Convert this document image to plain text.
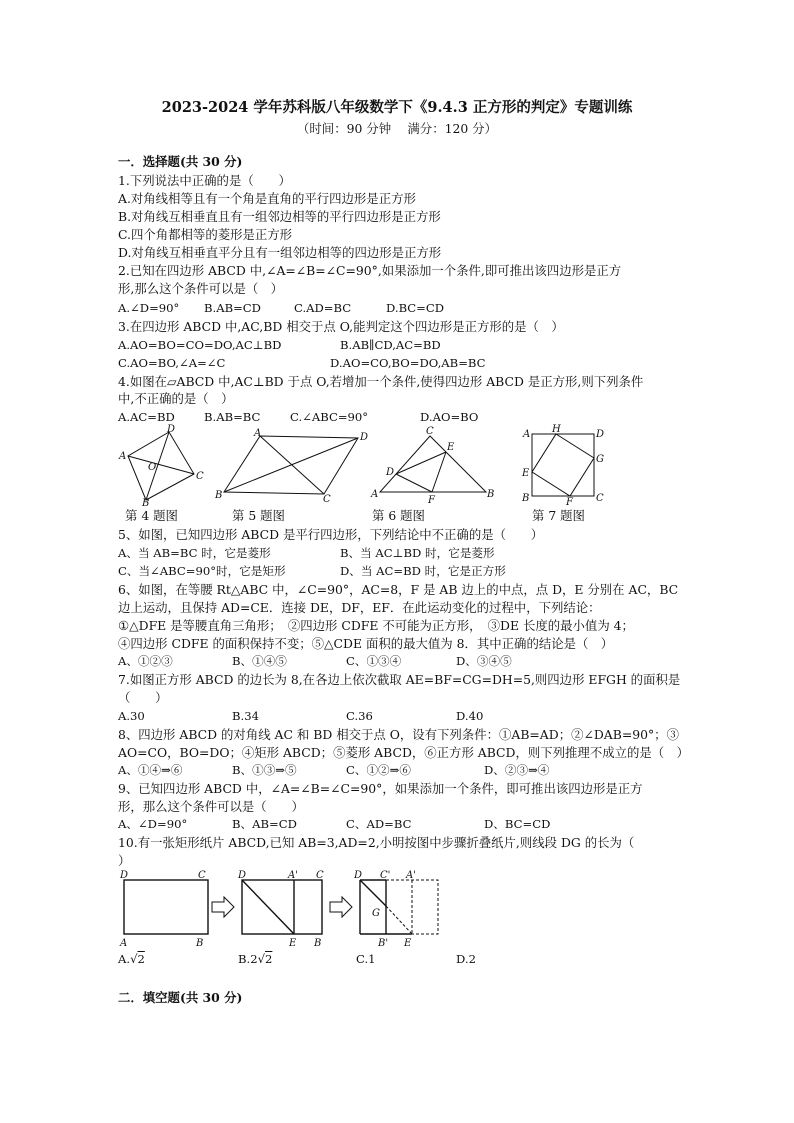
2023-2024 学年苏科版八年级数学下《9.4.3 正方形的判定》专题训练
（时间：90 分钟　 满分：120 分）
一．选择题(共 30 分)
1.下列说法中正确的是（　　）
A.对角线相等且有一个角是直角的平行四边形是正方形
B.对角线互相垂直且有一组邻边相等的平行四边形是正方形
C.四个角都相等的菱形是正方形
D.对角线互相垂直平分且有一组邻边相等的四边形是正方形
2.已知在四边形 ABCD 中,∠A=∠B=∠C=90°,如果添加一个条件,即可推出该四边形是正方
形,那么这个条件可以是（　）
A.∠D=90° B.AB=CD	C.AD=BC	D.BC=CD
3.在四边形 ABCD 中,AC,BD 相交于点 O,能判定这个四边形是正方形的是（　）
A.AO=BO=CO=DO,AC⊥BD	B.AB∥CD,AC=BD
C.AO=BO,∠A=∠C	D.AO=CO,BO=DO,AB=BC
4.如图在▱ABCD 中,AC⊥BD 于点 O,若增加一个条件,使得四边形 ABCD 是正方形,则下列条件
中,不正确的是（　）
A.AC=BD	B.AB=BC	C.∠ABC=90°	D.AO=BO
D
A
O
C
B
A	D
B	C
C
E
D
A
F
B
A H	D
G
E
B	F C
第 4 题图	第 5 题图	第 6 题图	第 7 题图
5、如图，已知四边形 ABCD 是平行四边形，下列结论中不正确的是（　　）
A、当 AB=BC 时，它是菱形	B、当 AC⊥BD 时，它是菱形
C、当∠ABC=90°时，它是矩形	D、当 AC=BD 时，它是正方形
6、如图，在等腰 Rt△ABC 中，∠C=90°，AC=8，F 是 AB 边上的中点，点 D，E 分别在 AC，BC
边上运动，且保持 AD=CE．连接 DE，DF，EF．在此运动变化的过程中，下列结论：
①△DFE 是等腰直角三角形；　②四边形 CDFE 不可能为正方形，　③DE 长度的最小值为 4；
④四边形 CDFE 的面积保持不变；⑤△CDE 面积的最大值为 8．其中正确的结论是（　）
A、①②③	B、①④⑤	C、①③④	D、③④⑤
7.如图正方形 ABCD 的边长为 8,在各边上依次截取 AE=BF=CG=DH=5,则四边形 EFGH 的面积是
（　　）
A.30	B.34	C.36	D.40
8、四边形 ABCD 的对角线 AC 和 BD 相交于点 O，设有下列条件：①AB=AD；②∠DAB=90°；③
AO=CO，BO=DO；④矩形 ABCD；⑤菱形 ABCD，⑥正方形 ABCD，则下列推理不成立的是（　）
A、①④⇒⑥	B、①③⇒⑤	C、①②⇒⑥	D、②③⇒④
9、已知四边形 ABCD 中，∠A=∠B=∠C=90°，如果添加一个条件，即可推出该四边形是正方
形，那么这个条件可以是（　　）
A、∠D=90°	B、AB=CD	C、AD=BC	D、BC=CD
10.有一张矩形纸片 ABCD,已知 AB=3,AD=2,小明按图中步骤折叠纸片,则线段 DG 的长为（
）
D	C
A	B
D	A' C
E B
D C' A'
G
B' E
A.√2	B.2√2	C.1	D.2
二．填空题(共 30 分)
